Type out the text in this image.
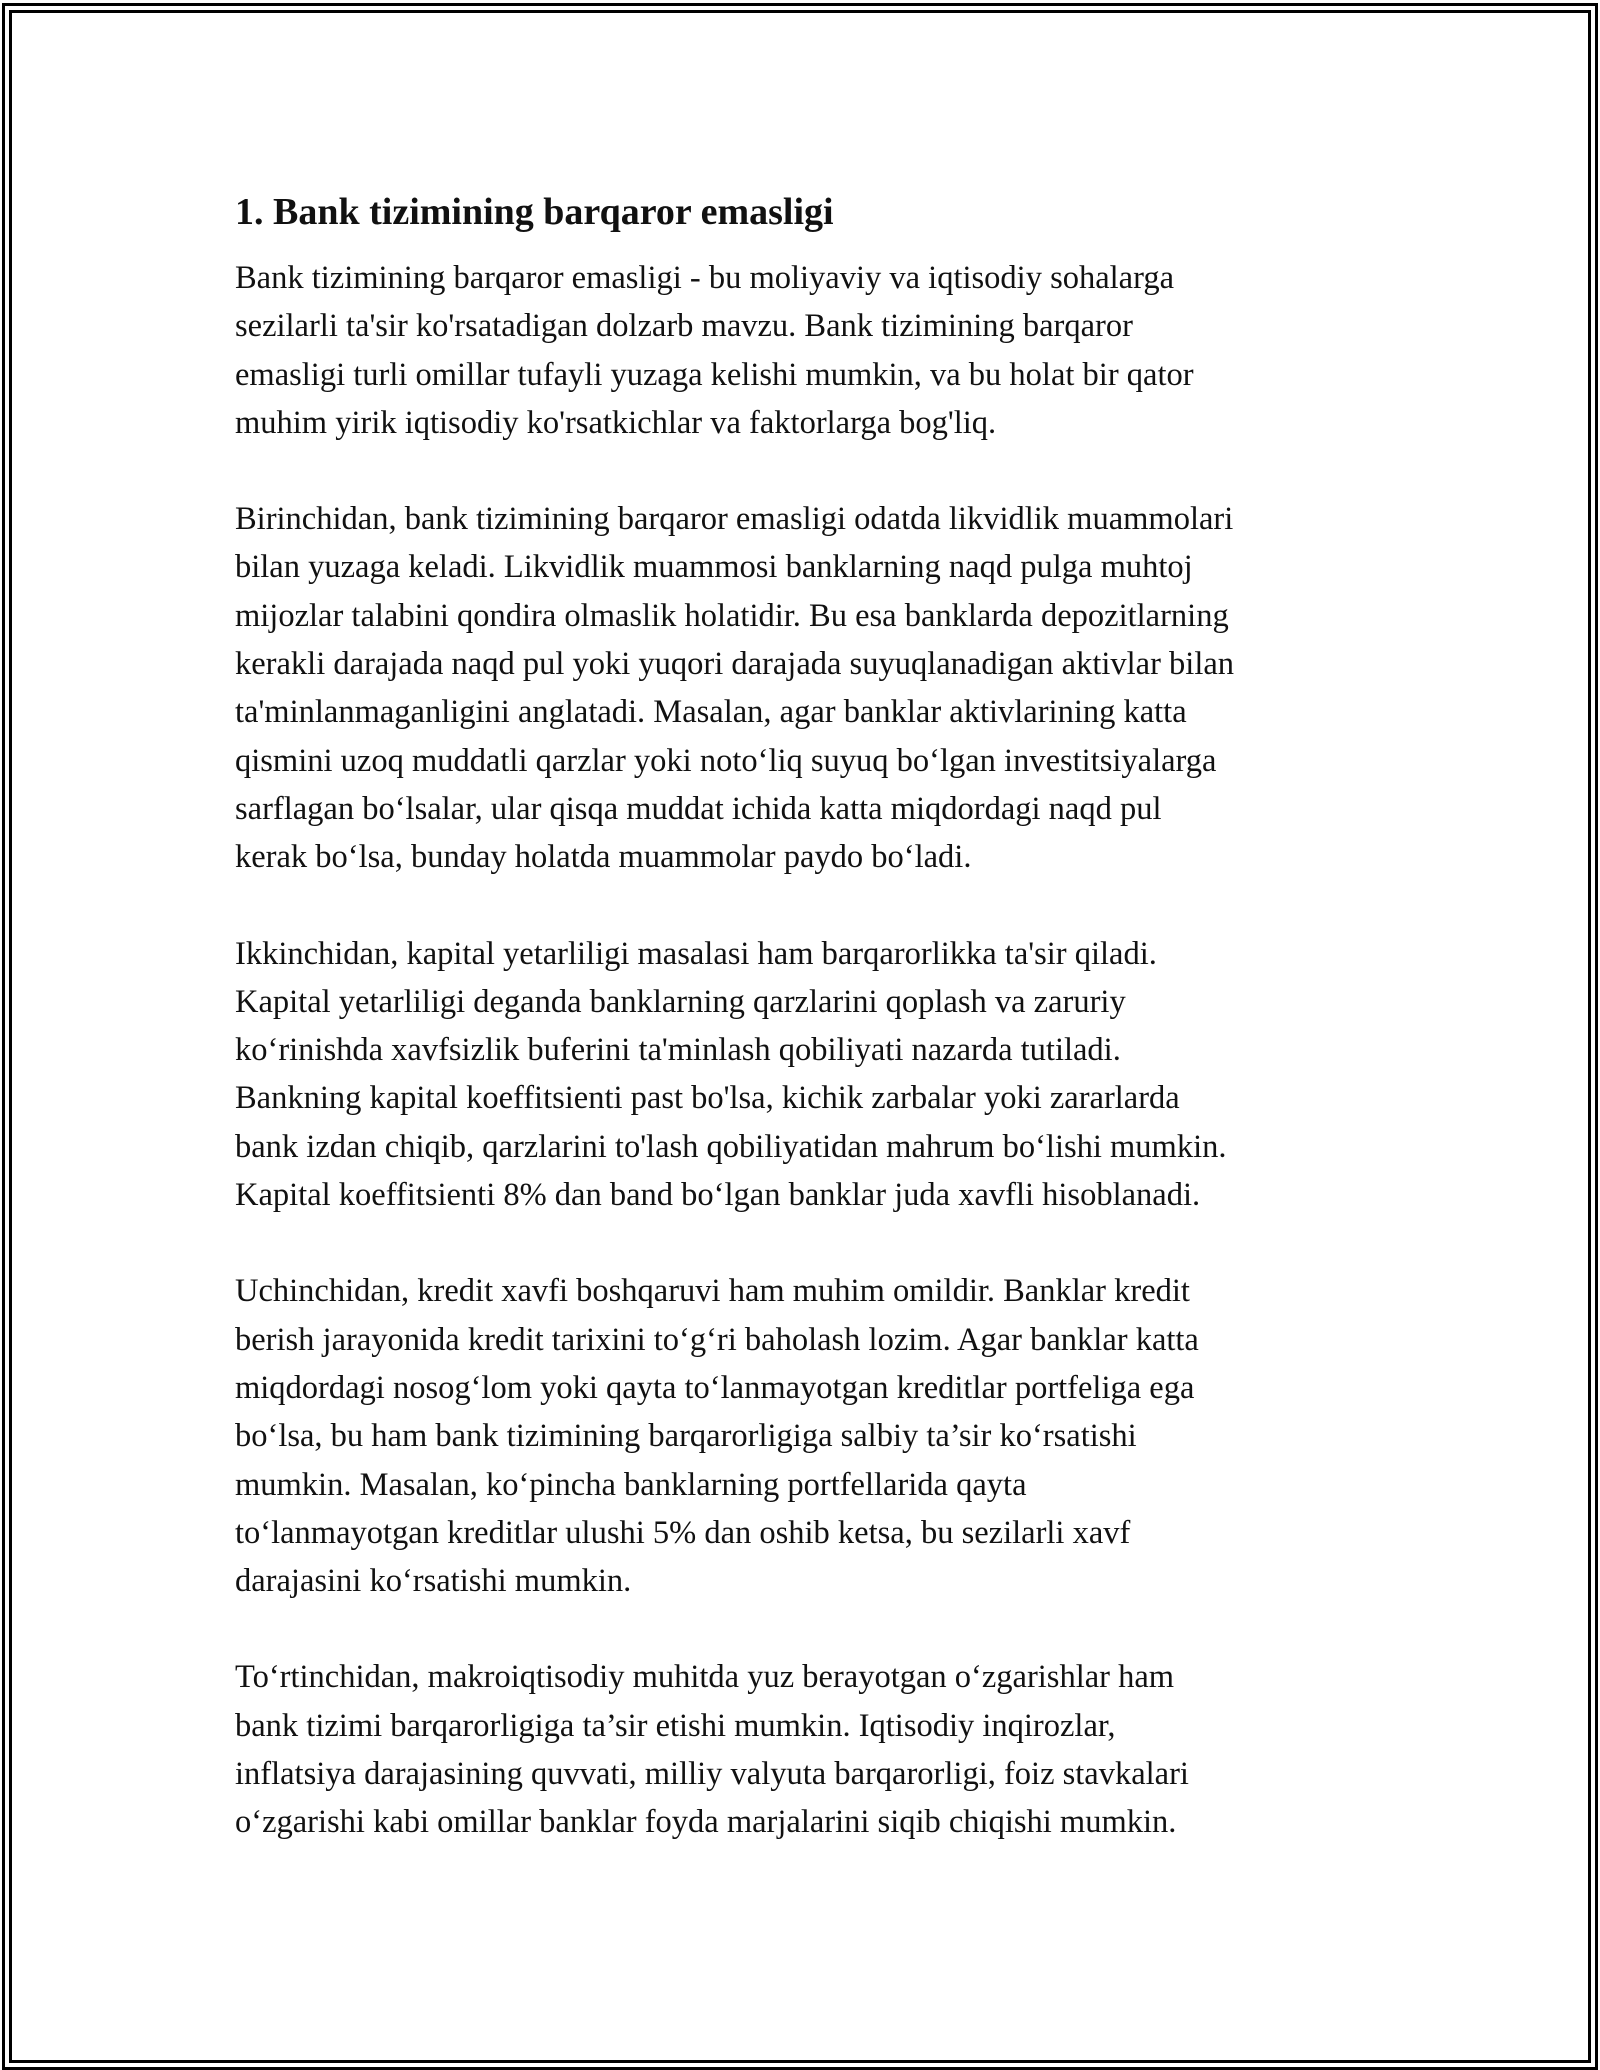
1. Bank tizimining barqaror emasligi
Bank tizimining barqaror emasligi - bu moliyaviy va iqtisodiy sohalarga
sezilarli ta'sir ko'rsatadigan dolzarb mavzu. Bank tizimining barqaror
emasligi turli omillar tufayli yuzaga kelishi mumkin, va bu holat bir qator
muhim yirik iqtisodiy ko'rsatkichlar va faktorlarga bog'liq.
Birinchidan, bank tizimining barqaror emasligi odatda likvidlik muammolari
bilan yuzaga keladi. Likvidlik muammosi banklarning naqd pulga muhtoj
mijozlar talabini qondira olmaslik holatidir. Bu esa banklarda depozitlarning
kerakli darajada naqd pul yoki yuqori darajada suyuqlanadigan aktivlar bilan
ta'minlanmaganligini anglatadi. Masalan, agar banklar aktivlarining katta
qismini uzoq muddatli qarzlar yoki noto‘liq suyuq bo‘lgan investitsiyalarga
sarflagan bo‘lsalar, ular qisqa muddat ichida katta miqdordagi naqd pul
kerak bo‘lsa, bunday holatda muammolar paydo bo‘ladi.
Ikkinchidan, kapital yetarliligi masalasi ham barqarorlikka ta'sir qiladi.
Kapital yetarliligi deganda banklarning qarzlarini qoplash va zaruriy
ko‘rinishda xavfsizlik buferini ta'minlash qobiliyati nazarda tutiladi.
Bankning kapital koeffitsienti past bo'lsa, kichik zarbalar yoki zararlarda
bank izdan chiqib, qarzlarini to'lash qobiliyatidan mahrum bo‘lishi mumkin.
Kapital koeffitsienti 8% dan band bo‘lgan banklar juda xavfli hisoblanadi.
Uchinchidan, kredit xavfi boshqaruvi ham muhim omildir. Banklar kredit
berish jarayonida kredit tarixini to‘g‘ri baholash lozim. Agar banklar katta
miqdordagi nosog‘lom yoki qayta to‘lanmayotgan kreditlar portfeliga ega
bo‘lsa, bu ham bank tizimining barqarorligiga salbiy ta’sir ko‘rsatishi
mumkin. Masalan, ko‘pincha banklarning portfellarida qayta
to‘lanmayotgan kreditlar ulushi 5% dan oshib ketsa, bu sezilarli xavf
darajasini ko‘rsatishi mumkin.
To‘rtinchidan, makroiqtisodiy muhitda yuz berayotgan o‘zgarishlar ham
bank tizimi barqarorligiga ta’sir etishi mumkin. Iqtisodiy inqirozlar,
inflatsiya darajasining quvvati, milliy valyuta barqarorligi, foiz stavkalari
o‘zgarishi kabi omillar banklar foyda marjalarini siqib chiqishi mumkin.
